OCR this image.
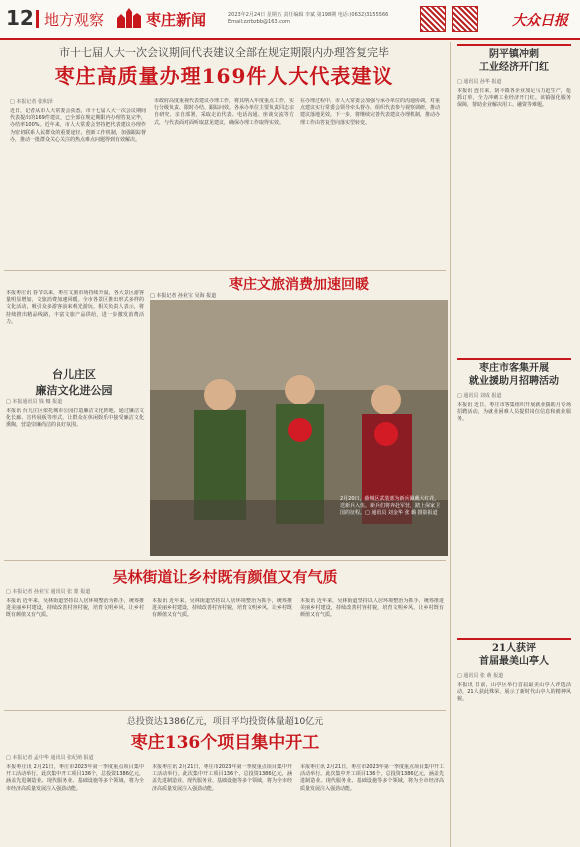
12 地方观察	枣庄新闻	2023年2月24日 星期五 责任编辑 李斌 第198期 电话:(0632)3155566 Email:zzrbzbb@163.com	大众日报
市十七届人大一次会议期间代表建议全部在规定期限内办理答复完毕
枣庄高质量办理169件人大代表建议
□ 本报记者 张积泽
近日，记者从市人大常委会获悉，市十七届人大一次会议期间代表提出的169件建议，已全部在规定期限内办理答复完毕，办结率100%。近年来，市人大常委会坚持把代表建议办理作为密切联系人民群众的重要途径，创新工作机制，加强跟踪督办，推动一批群众关心关注的热点难点问题得到有效解决。
市政府高度重视代表建议办理工作，将其纳入年度重点工作，实行分级负责、限时办结、跟踪问效。各承办单位主要负责同志亲自研究、亲自部署，采取走访代表、电话沟通、座谈交流等方式，与代表面对面听取意见建议，确保办理工作取得实效。
在办理过程中，市人大常委会加强与承办单位的沟通协调，对重点建议实行常委会领导牵头督办，组织代表参与视察调研，推动建议落地见效。下一步，将继续完善代表建议办理机制，推动办理工作由答复型向落实型转变。
枣庄文旅消费加速回暖
□ 本报记者 孙业宝 吴海 报道
台儿庄区
廉洁文化进公园
□ 本报通讯员 钱 娜 报道
本报讯 台儿庄区依托城市公园打造廉洁文化阵地，通过廉洁文化长廊、宣传展板等形式，让群众在休闲娱乐中接受廉洁文化熏陶，营造崇廉尚洁的良好氛围。
本报枣庄讯 春节以来，枣庄文旅市场持续升温，各大景区游客量明显增加，文旅消费加速回暖。全市各景区推出形式多样的文化活动，吸引众多游客前来观光游玩。相关负责人表示，将持续推出精品线路，丰富文旅产品供给，进一步激发消费活力。
2月20日，薛城区武装部为新兵佩戴大红花，送新兵入伍。新兵们将奔赴军营，踏上保家卫国的征程。□ 通讯员 刘金华 张 璐 摄影报道
吴林街道让乡村既有颜值又有气质
□ 本报记者 孙业宝 通讯员 张 蒙 报道
本报讯 近年来，吴林街道坚持以人居环境整治为抓手，统筹推进美丽乡村建设，持续改善村容村貌，培育文明乡风，让乡村既有颜值又有气质。
本报讯 近年来，吴林街道坚持以人居环境整治为抓手，统筹推进美丽乡村建设，持续改善村容村貌，培育文明乡风，让乡村既有颜值又有气质。
本报讯 近年来，吴林街道坚持以人居环境整治为抓手，统筹推进美丽乡村建设，持续改善村容村貌，培育文明乡风，让乡村既有颜值又有气质。
总投资达1386亿元，项目平均投资体量超10亿元
枣庄136个项目集中开工
□ 本报记者 孟中华 通讯员 张纪萌 报道
本报枣庄讯 2月21日，枣庄市2023年第一季度重点项目集中开工活动举行。此次集中开工项目136个，总投资1386亿元，涵盖先进制造业、现代服务业、基础设施等多个领域，将为全市经济高质量发展注入强劲动能。
本报枣庄讯 2月21日，枣庄市2023年第一季度重点项目集中开工活动举行。此次集中开工项目136个，总投资1386亿元，涵盖先进制造业、现代服务业、基础设施等多个领域，将为全市经济高质量发展注入强劲动能。
本报枣庄讯 2月21日，枣庄市2023年第一季度重点项目集中开工活动举行。此次集中开工项目136个，总投资1386亿元，涵盖先进制造业、现代服务业、基础设施等多个领域，将为全市经济高质量发展注入强劲动能。
阴平镇冲刺
工业经济开门红
□ 通讯员 孙华 报道
本报讯 连日来，阴平镇各企业加足马力赶生产，抢抓订单，全力冲刺工业经济开门红。该镇强化服务保障，帮助企业解决用工、融资等难题。
枣庄市客集开展
就业援助月招聘活动
□ 通讯员 刘成 报道
本报讯 近日，枣庄市客集组织开展就业援助月专场招聘活动，为就业困难人员提供岗位信息和就业服务。
21人获评
首届最美山亭人
□ 通讯员 张 萌 报道
本报讯 日前，山亭区举行首届最美山亭人评选活动，21人获此殊荣，展示了新时代山亭人的精神风貌。
